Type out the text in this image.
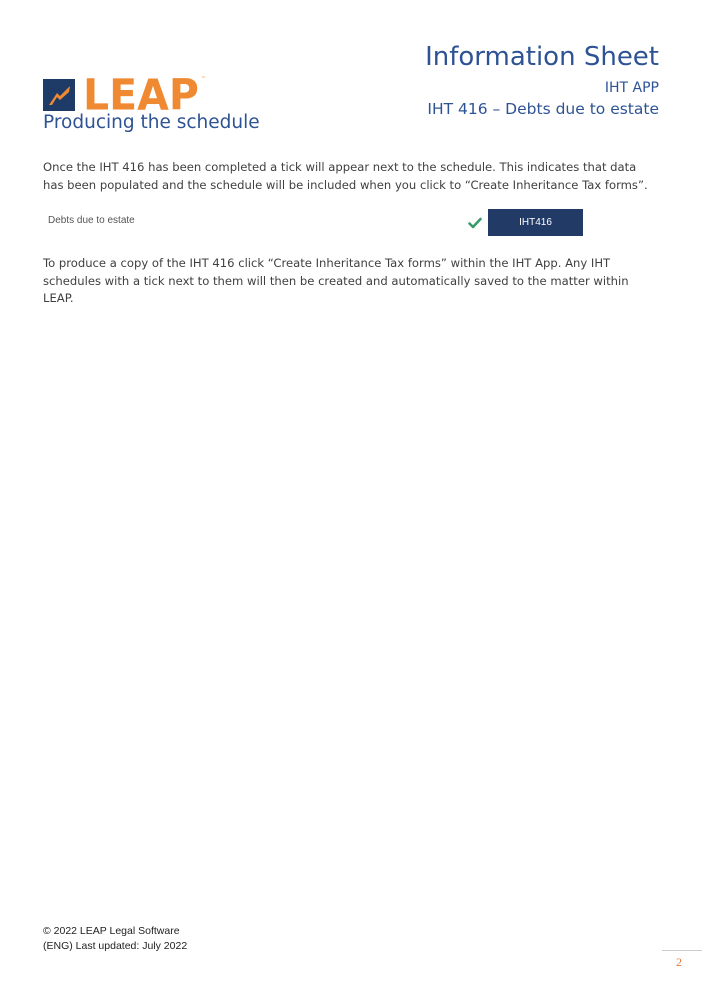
LEAP ™
Information Sheet
IHT APP
IHT 416 – Debts due to estate
Producing the schedule
Once the IHT 416 has been completed a tick will appear next to the schedule. This indicates that data has been populated and the schedule will be included when you click to “Create Inheritance Tax forms”.
Debts due to estate	IHT416
To produce a copy of the IHT 416 click “Create Inheritance Tax forms” within the IHT App. Any IHT schedules with a tick next to them will then be created and automatically saved to the matter within LEAP.
© 2022 LEAP Legal Software
(ENG) Last updated: July 2022
2
